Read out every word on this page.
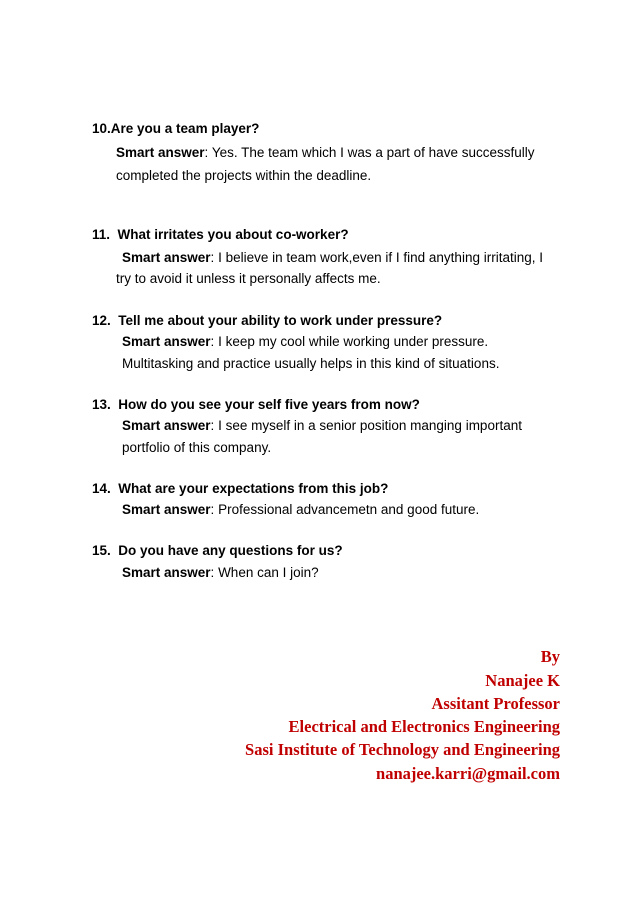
10.Are you a team player?
Smart answer: Yes. The team which I was a part of have successfully
completed the projects within the deadline.
11. What irritates you about co-worker?
Smart answer: I believe in team work,even if I find anything irritating, I
try to avoid it unless it personally affects me.
12. Tell me about your ability to work under pressure?
Smart answer: I keep my cool while working under pressure.
Multitasking and practice usually helps in this kind of situations.
13. How do you see your self five years from now?
Smart answer: I see myself in a senior position manging important
portfolio of this company.
14. What are your expectations from this job?
Smart answer: Professional advancemetn and good future.
15. Do you have any questions for us?
Smart answer: When can I join?
By
Nanajee K
Assitant Professor
Electrical and Electronics Engineering
Sasi Institute of Technology and Engineering
nanajee.karri@gmail.com
